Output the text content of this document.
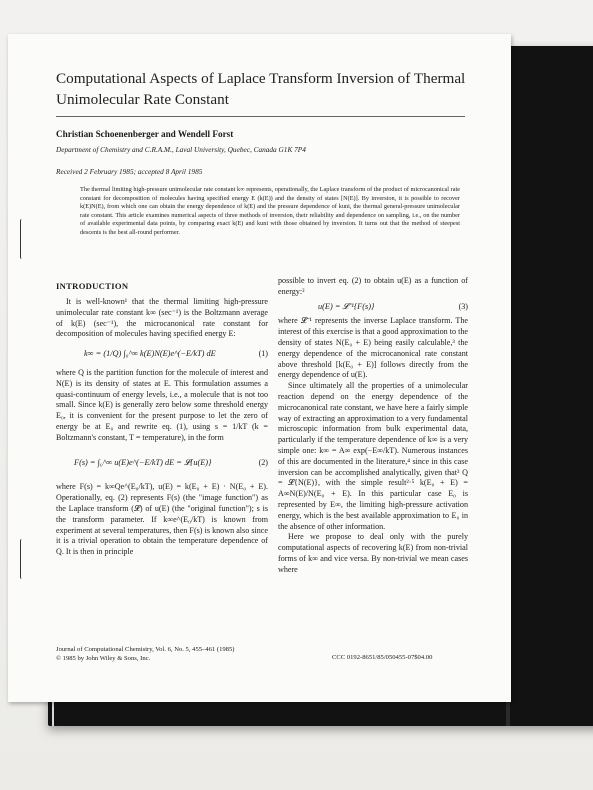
Computational Aspects of Laplace Transform Inversion of Thermal Unimolecular Rate Constant
Christian Schoenenberger and Wendell Forst
Department of Chemistry and C.R.A.M., Laval University, Quebec, Canada G1K 7P4
Received 2 February 1985; accepted 8 April 1985
The thermal limiting high-pressure unimolecular rate constant k∞ represents, operationally, the Laplace transform of the product of microcanonical rate constant for decomposition of molecules having specified energy E (k(E)) and the density of states [N(E)]. By inversion, it is possible to recover k(E)N(E), from which one can obtain the energy dependence of k(E) and the pressure dependence of kuni, the thermal general-pressure unimolecular rate constant. This article examines numerical aspects of three methods of inversion, their reliability and dependence on sampling, i.e., on the number of available experimental data points, by comparing exact k(E) and kuni with those obtained by inversion. It turns out that the method of steepest descents is the best all-round performer.
INTRODUCTION

It is well-known¹ that the thermal limiting high-pressure unimolecular rate constant k∞ (sec⁻¹) is the Boltzmann average of k(E) (sec⁻¹), the microcanonical rate constant for decomposition of molecules having specified energy E:

k∞ = (1/Q) ∫₀^∞ k(E)N(E)e^(−E/kT) dE	(1)

where Q is the partition function for the molecule of interest and N(E) is its density of states at E. This formulation assumes a quasi-continuum of energy levels, i.e., a molecule that is not too small. Since k(E) is generally zero below some threshold energy E₀, it is convenient for the present purpose to let the zero of energy be at E₀ and rewrite eq. (1), using s = 1/kT (k = Boltzmann's constant, T = temperature), in the form

F(s) = ∫₀^∞ u(E)e^(−E/kT) dE = 𝓛{u(E)}	(2)

where F(s) = k∞Qe^(E₀/kT), u(E) = k(E₀ + E) · N(E₀ + E). Operationally, eq. (2) represents F(s) (the "image function") as the Laplace transform (𝓛) of u(E) (the "original function"); s is the transform parameter. If k∞e^(E₀/kT) is known from experiment at several temperatures, then F(s) is known also since it is a trivial operation to obtain the temperature dependence of Q. It is then in principle

possible to invert eq. (2) to obtain u(E) as a function of energy:²

u(E) = 𝓛⁻¹{F(s)}	(3)

where 𝓛⁻¹ represents the inverse Laplace transform. The interest of this exercise is that a good approximation to the density of states N(E₀ + E) being easily calculable,³ the energy dependence of the microcanonical rate constant above threshold [k(E₀ + E)] follows directly from the energy dependence of u(E).

Since ultimately all the properties of a unimolecular reaction depend on the energy dependence of the microcanonical rate constant, we have here a fairly simple way of extracting an approximation to a very fundamental microscopic information from bulk experimental data, particularly if the temperature dependence of k∞ is a very simple one: k∞ = A∞ exp(−E∞/kT). Numerous instances of this are documented in the literature,⁴ since in this case inversion can be accomplished analytically, given that³ Q = 𝓛{N(E)}, with the simple result²·⁵ k(E₀ + E) = A∞N(E)/N(E₀ + E). In this particular case E₀ is represented by E∞, the limiting high-pressure activation energy, which is the best available approximation to E₀ in the absence of other information.

Here we propose to deal only with the purely computational aspects of recovering k(E) from non-trivial forms of k∞ and vice versa. By non-trivial we mean cases where

Journal of Computational Chemistry, Vol. 6, No. 5, 455–461 (1985)
© 1985 by John Wiley & Sons, Inc.	CCC 0192-8651/85/050455-07$04.00
